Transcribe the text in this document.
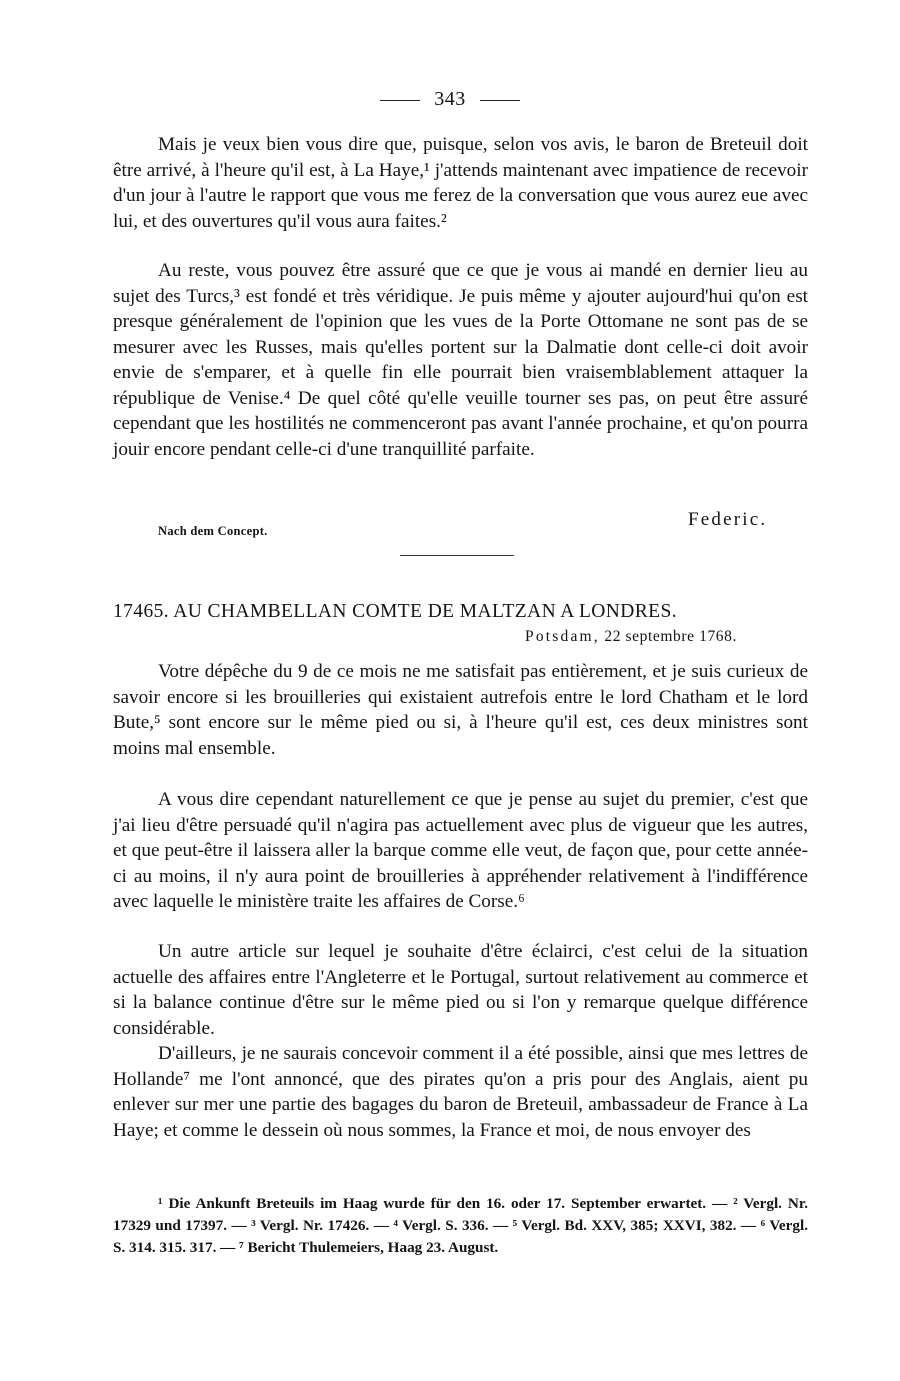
343
Mais je veux bien vous dire que, puisque, selon vos avis, le baron de Breteuil doit être arrivé, à l'heure qu'il est, à La Haye,¹ j'attends maintenant avec impatience de recevoir d'un jour à l'autre le rapport que vous me ferez de la conversation que vous aurez eue avec lui, et des ouvertures qu'il vous aura faites.²
Au reste, vous pouvez être assuré que ce que je vous ai mandé en dernier lieu au sujet des Turcs,³ est fondé et très véridique. Je puis même y ajouter aujourd'hui qu'on est presque généralement de l'opinion que les vues de la Porte Ottomane ne sont pas de se mesurer avec les Russes, mais qu'elles portent sur la Dalmatie dont celle-ci doit avoir envie de s'emparer, et à quelle fin elle pourrait bien vraisemblablement attaquer la république de Venise.⁴ De quel côté qu'elle veuille tourner ses pas, on peut être assuré cependant que les hostilités ne commenceront pas avant l'année prochaine, et qu'on pourra jouir encore pendant celle-ci d'une tranquillité parfaite.
Nach dem Concept.
Federic.
17465. AU CHAMBELLAN COMTE DE MALTZAN A LONDRES.
Potsdam, 22 septembre 1768.
Votre dépêche du 9 de ce mois ne me satisfait pas entièrement, et je suis curieux de savoir encore si les brouilleries qui existaient autrefois entre le lord Chatham et le lord Bute,⁵ sont encore sur le même pied ou si, à l'heure qu'il est, ces deux ministres sont moins mal ensemble.
A vous dire cependant naturellement ce que je pense au sujet du premier, c'est que j'ai lieu d'être persuadé qu'il n'agira pas actuellement avec plus de vigueur que les autres, et que peut-être il laissera aller la barque comme elle veut, de façon que, pour cette année-ci au moins, il n'y aura point de brouilleries à appréhender relativement à l'indifférence avec laquelle le ministère traite les affaires de Corse.⁶
Un autre article sur lequel je souhaite d'être éclairci, c'est celui de la situation actuelle des affaires entre l'Angleterre et le Portugal, surtout relativement au commerce et si la balance continue d'être sur le même pied ou si l'on y remarque quelque différence considérable.
D'ailleurs, je ne saurais concevoir comment il a été possible, ainsi que mes lettres de Hollande⁷ me l'ont annoncé, que des pirates qu'on a pris pour des Anglais, aient pu enlever sur mer une partie des bagages du baron de Breteuil, ambassadeur de France à La Haye; et comme le dessein où nous sommes, la France et moi, de nous envoyer des
¹ Die Ankunft Breteuils im Haag wurde für den 16. oder 17. September erwartet. — ² Vergl. Nr. 17329 und 17397. — ³ Vergl. Nr. 17426. — ⁴ Vergl. S. 336. — ⁵ Vergl. Bd. XXV, 385; XXVI, 382. — ⁶ Vergl. S. 314. 315. 317. — ⁷ Bericht Thulemeiers, Haag 23. August.
